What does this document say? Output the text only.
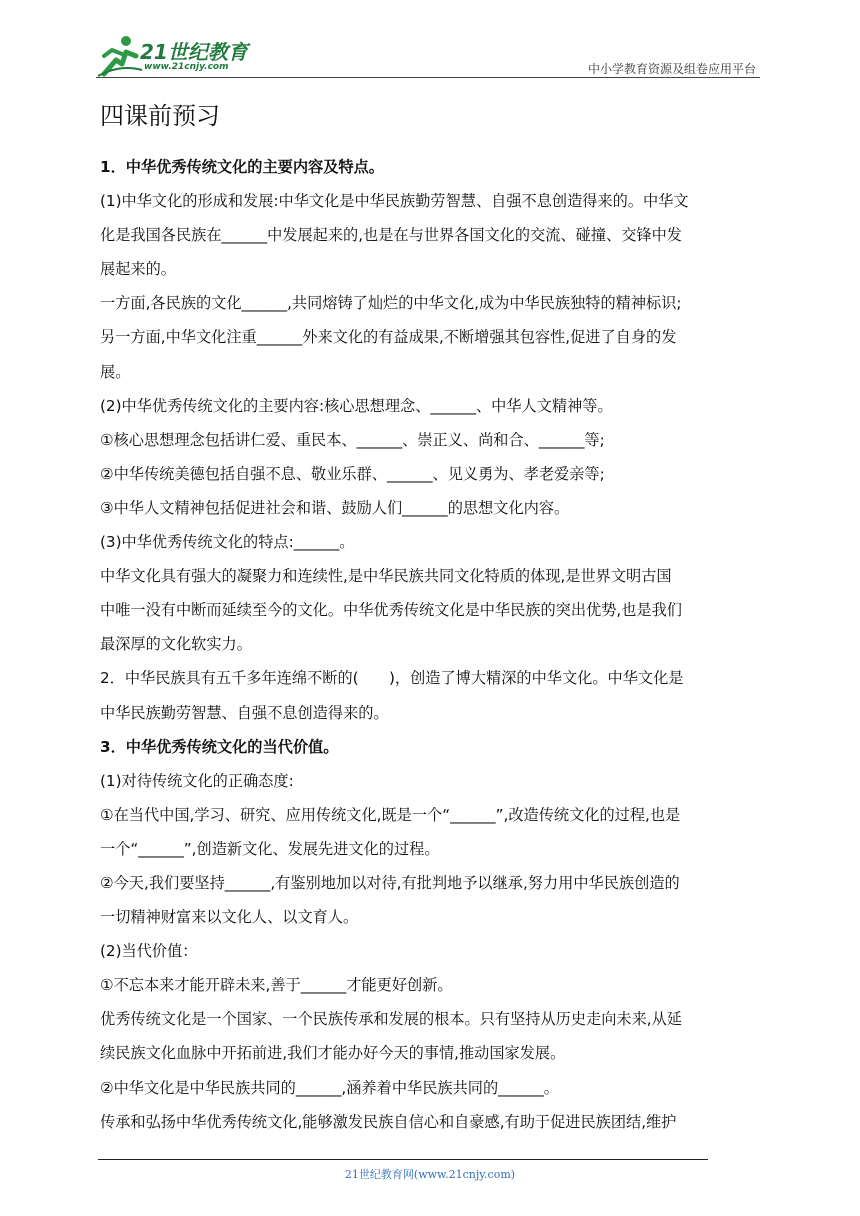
21世纪教育
www.21cnjy.com	中小学教育资源及组卷应用平台
四课前预习
1．中华优秀传统文化的主要内容及特点。
(1)中华文化的形成和发展:中华文化是中华民族勤劳智慧、自强不息创造得来的。中华文
化是我国各民族在______中发展起来的,也是在与世界各国文化的交流、碰撞、交锋中发
展起来的。
一方面,各民族的文化______,共同熔铸了灿烂的中华文化,成为中华民族独特的精神标识;
另一方面,中华文化注重______外来文化的有益成果,不断增强其包容性,促进了自身的发
展。
(2)中华优秀传统文化的主要内容:核心思想理念、______、中华人文精神等。
①核心思想理念包括讲仁爱、重民本、______、崇正义、尚和合、______等;
②中华传统美德包括自强不息、敬业乐群、______、见义勇为、孝老爱亲等;
③中华人文精神包括促进社会和谐、鼓励人们______的思想文化内容。
(3)中华优秀传统文化的特点:______。
中华文化具有强大的凝聚力和连续性,是中华民族共同文化特质的体现,是世界文明古国
中唯一没有中断而延续至今的文化。中华优秀传统文化是中华民族的突出优势,也是我们
最深厚的文化软实力。
2．中华民族具有五千多年连绵不断的(　　)，创造了博大精深的中华文化。中华文化是
中华民族勤劳智慧、自强不息创造得来的。
3．中华优秀传统文化的当代价值。
(1)对待传统文化的正确态度:
①在当代中国,学习、研究、应用传统文化,既是一个“______”,改造传统文化的过程,也是
一个“______”,创造新文化、发展先进文化的过程。
②今天,我们要坚持______,有鉴别地加以对待,有批判地予以继承,努力用中华民族创造的
一切精神财富来以文化人、以文育人。
(2)当代价值：
①不忘本来才能开辟未来,善于______才能更好创新。
优秀传统文化是一个国家、一个民族传承和发展的根本。只有坚持从历史走向未来,从延
续民族文化血脉中开拓前进,我们才能办好今天的事情,推动国家发展。
②中华文化是中华民族共同的______,涵养着中华民族共同的______。
传承和弘扬中华优秀传统文化,能够激发民族自信心和自豪感,有助于促进民族团结,维护
21世纪教育网(www.21cnjy.com)
